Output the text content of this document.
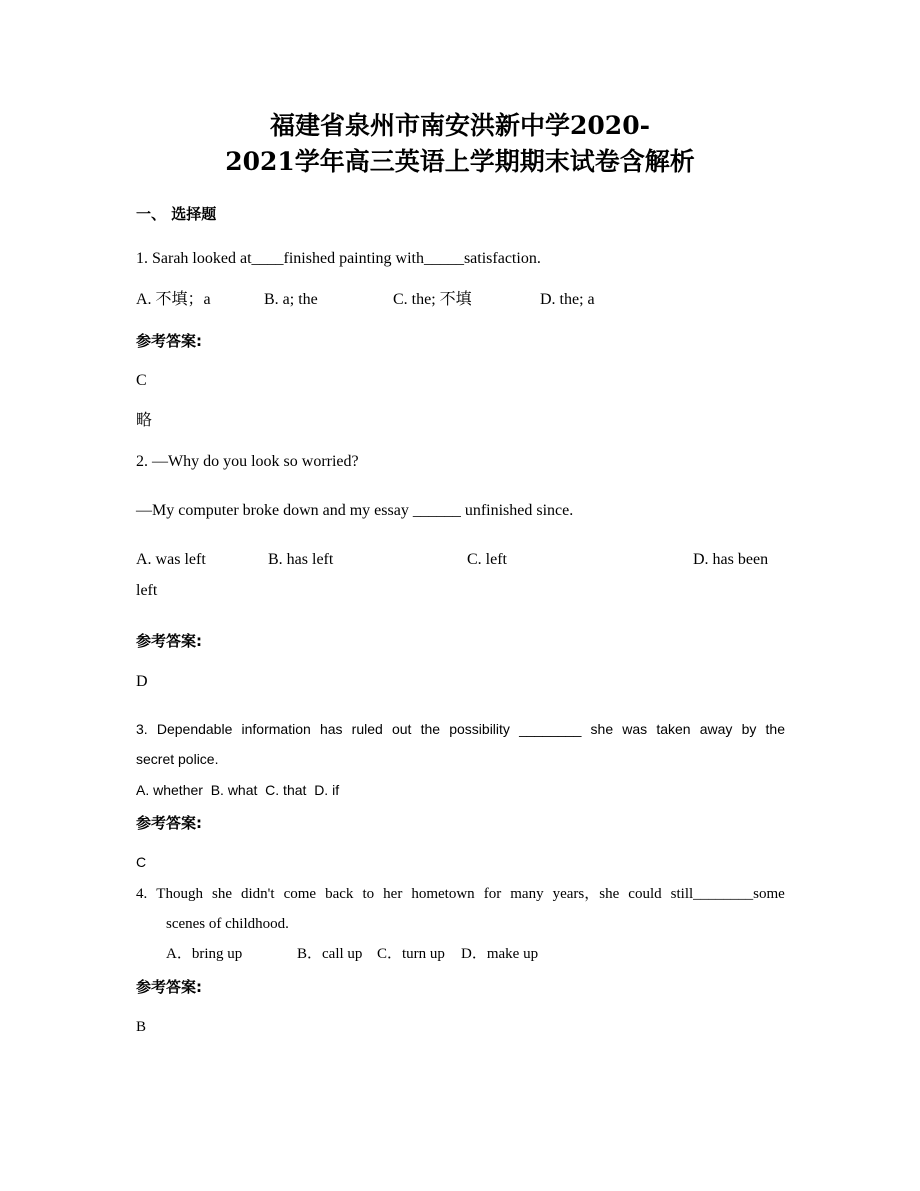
福建省泉州市南安洪新中学2020-
2021学年高三英语上学期期末试卷含解析
一、 选择题
1. Sarah looked at____finished painting with_____satisfaction.
A. 不填；a	B. a; the	C. the; 不填	D. the; a
参考答案:
C
略
2. —Why do you look so worried?
—My computer broke down and my essay ______ unfinished since.
A. was left	B. has left	C. left	D. has been
left
参考答案:
D
3. Dependable information has ruled out the possibility ________ she was taken away by the
secret police.
A. whether  B. what  C. that  D. if
参考答案:
C
4. Though she didn't come back to her hometown for many years，she could still________some
scenes of childhood.
A．bring up	B．call up C．turn up D．make up
参考答案:
B
